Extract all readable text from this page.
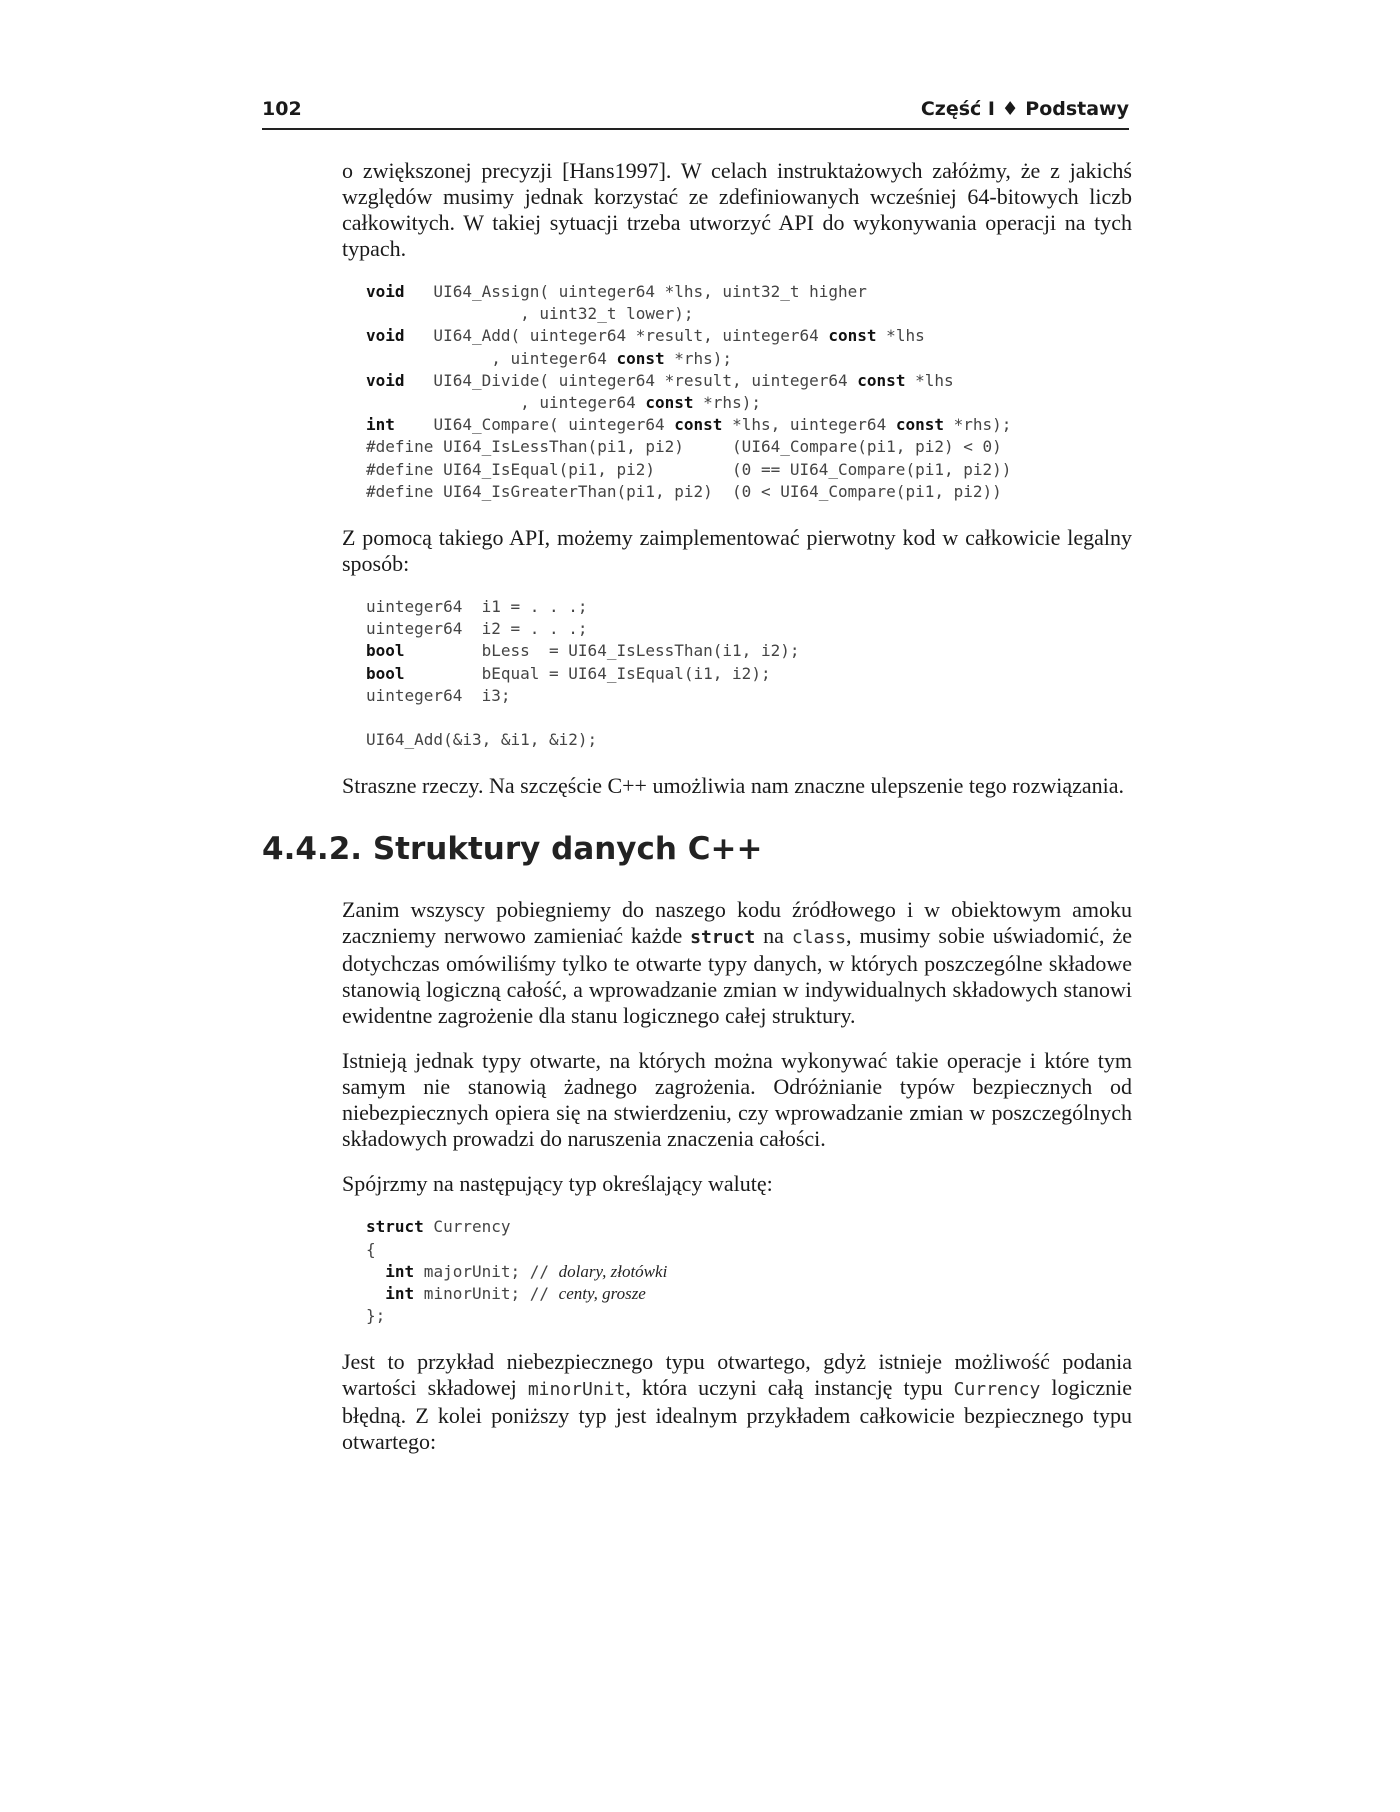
102	Część I ♦ Podstawy

o zwiększonej precyzji [Hans1997]. W celach instruktażowych załóżmy, że z jakichś względów musimy jednak korzystać ze zdefiniowanych wcześniej 64-bitowych liczb całkowitych. W takiej sytuacji trzeba utworzyć API do wykonywania operacji na tych typach.

void   UI64_Assign( uinteger64 *lhs, uint32_t higher
, uint32_t lower);
void   UI64_Add( uinteger64 *result, uinteger64 const *lhs
, uinteger64 const *rhs);
void   UI64_Divide( uinteger64 *result, uinteger64 const *lhs
, uinteger64 const *rhs);
int    UI64_Compare( uinteger64 const *lhs, uinteger64 const *rhs);
#define UI64_IsLessThan(pi1, pi2)     (UI64_Compare(pi1, pi2) < 0)
#define UI64_IsEqual(pi1, pi2)        (0 == UI64_Compare(pi1, pi2))
#define UI64_IsGreaterThan(pi1, pi2)  (0 < UI64_Compare(pi1, pi2))

Z pomocą takiego API, możemy zaimplementować pierwotny kod w całkowicie legalny sposób:

uinteger64  i1 = . . .;
uinteger64  i2 = . . .;
bool        bLess  = UI64_IsLessThan(i1, i2);
bool        bEqual = UI64_IsEqual(i1, i2);
uinteger64  i3;

UI64_Add(&i3, &i1, &i2);

Straszne rzeczy. Na szczęście C++ umożliwia nam znaczne ulepszenie tego rozwiązania.

4.4.2. Struktury danych C++

Zanim wszyscy pobiegniemy do naszego kodu źródłowego i w obiektowym amoku zaczniemy nerwowo zamieniać każde struct na class, musimy sobie uświadomić, że dotychczas omówiliśmy tylko te otwarte typy danych, w których poszczególne składowe stanowią logiczną całość, a wprowadzanie zmian w indywidualnych składowych stanowi ewidentne zagrożenie dla stanu logicznego całej struktury.

Istnieją jednak typy otwarte, na których można wykonywać takie operacje i które tym samym nie stanowią żadnego zagrożenia. Odróżnianie typów bezpiecznych od niebezpiecznych opiera się na stwierdzeniu, czy wprowadzanie zmian w poszczególnych składowych prowadzi do naruszenia znaczenia całości.

Spójrzmy na następujący typ określający walutę:

struct Currency
{
int majorUnit; // dolary, złotówki
int minorUnit; // centy, grosze
};

Jest to przykład niebezpiecznego typu otwartego, gdyż istnieje możliwość podania wartości składowej minorUnit, która uczyni całą instancję typu Currency logicznie błędną. Z kolei poniższy typ jest idealnym przykładem całkowicie bezpiecznego typu otwartego:
